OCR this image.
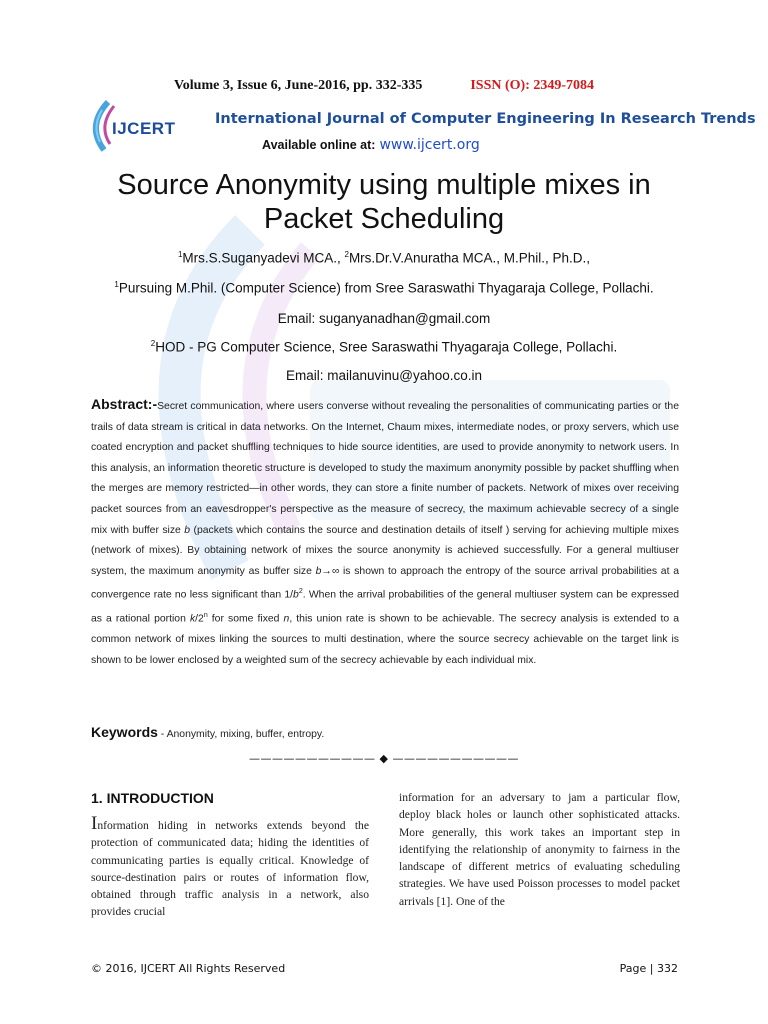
Volume 3, Issue 6, June-2016, pp. 332-335	ISSN (O): 2349-7084
IJCERT	International Journal of Computer Engineering In Research Trends
Available online at: www.ijcert.org
Source Anonymity using multiple mixes in
Packet Scheduling
$^1$Mrs.S.Suganyadevi MCA., $^2$Mrs.Dr.V.Anuratha MCA., M.Phil., Ph.D.,
$^1$Pursuing M.Phil. (Computer Science) from Sree Saraswathi Thyagaraja College, Pollachi.
Email: suganyanadhan@gmail.com
$^2$HOD - PG Computer Science, Sree Saraswathi Thyagaraja College, Pollachi.
Email: mailanuvinu@yahoo.co.in
Abstract:-Secret communication, where users converse without revealing the personalities of communicating parties or the trails of data stream is critical in data networks. On the Internet, Chaum mixes, intermediate nodes, or proxy servers, which use coated encryption and packet shuffling techniques to hide source identities, are used to provide anonymity to network users. In this analysis, an information theoretic structure is developed to study the maximum anonymity possible by packet shuffling when the merges are memory restricted—in other words, they can store a finite number of packets. Network of mixes over receiving packet sources from an eavesdropper's perspective as the measure of secrecy, the maximum achievable secrecy of a single mix with buffer size b (packets which contains the source and destination details of itself ) serving for achieving multiple mixes (network of mixes). By obtaining network of mixes the source anonymity is achieved successfully. For a general multiuser system, the maximum anonymity as buffer size b→∞ is shown to approach the entropy of the source arrival probabilities at a convergence rate no less significant than $1/b^2$. When the arrival probabilities of the general multiuser system can be expressed as a rational portion k/2$^n$ for some fixed n, this union rate is shown to be achievable. The secrecy analysis is extended to a common network of mixes linking the sources to multi destination, where the source secrecy achievable on the target link is shown to be lower enclosed by a weighted sum of the secrecy achievable by each individual mix.
Keywords - Anonymity, mixing, buffer, entropy.
——————————— ◆ ———————————
1. INTRODUCTION
Information hiding in networks extends beyond the protection of communicated data; hiding the identities of communicating parties is equally critical. Knowledge of source-destination pairs or routes of information flow, obtained through traffic analysis in a network, also provides crucial
information for an adversary to jam a particular flow, deploy black holes or launch other sophisticated attacks. More generally, this work takes an important step in identifying the relationship of anonymity to fairness in the landscape of different metrics of evaluating scheduling strategies. We have used Poisson processes to model packet arrivals [1]. One of the
© 2016, IJCERT All Rights Reserved	Page | 332
